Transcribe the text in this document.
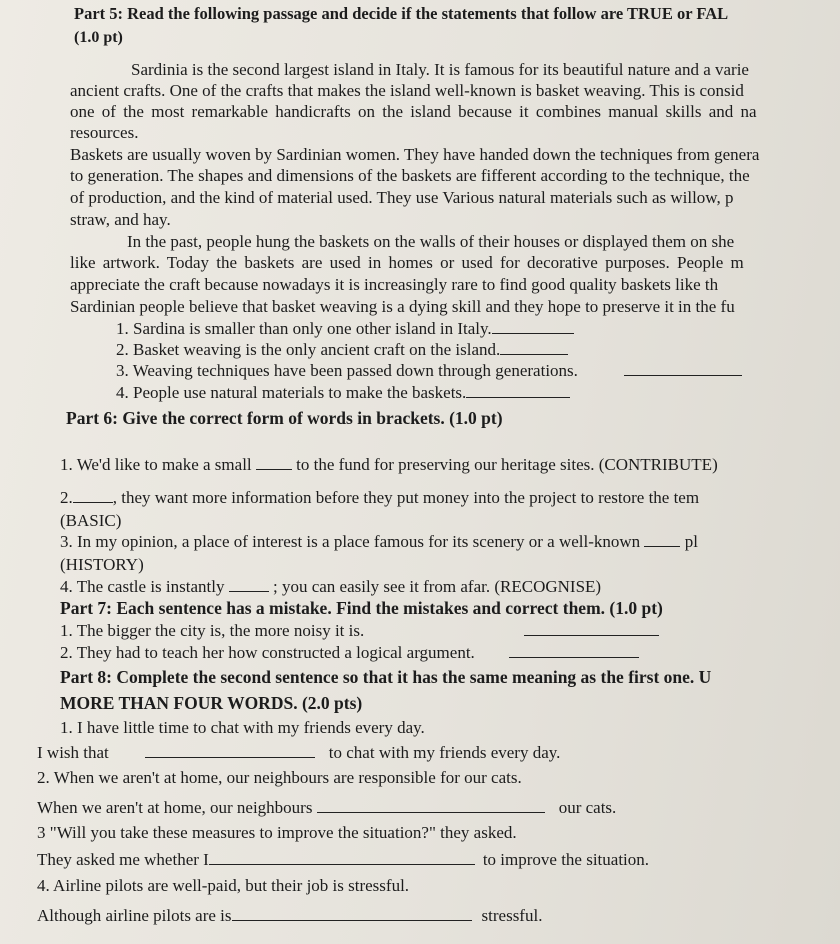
Part 5: Read the following passage and decide if the statements that follow are TRUE or FAL
(1.0 pt)
Sardinia is the second largest island in Italy. It is famous for its beautiful nature and a varie
ancient crafts. One of the crafts that makes the island well-known is basket weaving. This is consid
one of the most remarkable handicrafts on the island because it combines manual skills and na
resources.
Baskets are usually woven by Sardinian women. They have handed down the techniques from genera
to generation. The shapes and dimensions of the baskets are fifferent according to the technique, the
of production, and the kind of material used. They use Various natural materials such as willow, p
straw, and hay.
In the past, people hung the baskets on the walls of their houses or displayed them on she
like artwork. Today the baskets are used in homes or used for decorative purposes. People m
appreciate the craft because nowadays it is increasingly rare to find good quality baskets like th
Sardinian people believe that basket weaving is a dying skill and they hope to preserve it in the fu
1. Sardina is smaller than only one other island in Italy.
2. Basket weaving is the only ancient craft on the island.
3. Weaving techniques have been passed down through generations.
4. People use natural materials to make the baskets.
Part 6: Give the correct form of words in brackets. (1.0 pt)
1. We'd like to make a small	to the fund for preserving our heritage sites. (CONTRIBUTE)
2. , they want more information before they put money into the project to restore the tem
(BASIC)
3. In my opinion, a place of interest is a place famous for its scenery or a well-known	pl
(HISTORY)
4. The castle is instantly	; you can easily see it from afar. (RECOGNISE)
Part 7: Each sentence has a mistake. Find the mistakes and correct them. (1.0 pt)
1. The bigger the city is, the more noisy it is.
2. They had to teach her how constructed a logical argument.
Part 8: Complete the second sentence so that it has the same meaning as the first one. U
MORE THAN FOUR WORDS. (2.0 pts)
1. I have little time to chat with my friends every day.
I wish that	to chat with my friends every day.
2. When we aren't at home, our neighbours are responsible for our cats.
When we aren't at home, our neighbours	our cats.
3 "Will you take these measures to improve the situation?" they asked.
They asked me whether I	to improve the situation.
4. Airline pilots are well-paid, but their job is stressful.
Although airline pilots are is	stressful.
